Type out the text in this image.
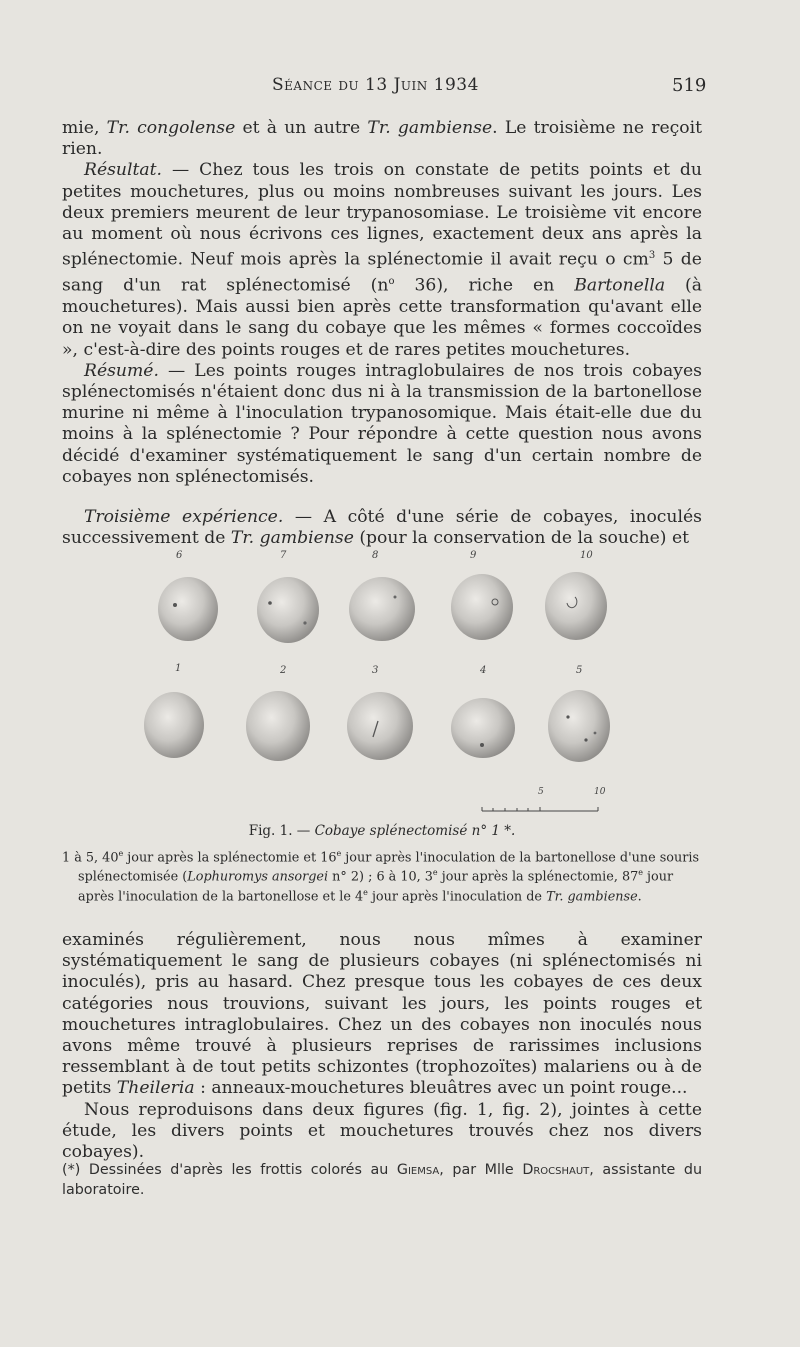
Séance du 13 Juin 1934	519

mie, Tr. congolense et à un autre Tr. gambiense. Le troisième ne reçoit rien.

Résultat. — Chez tous les trois on constate de petits points et du petites mouchetures, plus ou moins nombreuses suivant les jours. Les deux premiers meurent de leur trypanosomiase. Le troisième vit encore au moment où nous écrivons ces lignes, exactement deux ans après la splénectomie. Neuf mois après la splénectomie il avait reçu o $cm^3$ 5 de sang d'un rat splénectomisé ($n^o$ 36), riche en Bartonella (à mouchetures). Mais aussi bien après cette transformation qu'avant elle on ne voyait dans le sang du cobaye que les mêmes « formes coccoïdes », c'est-à-dire des points rouges et de rares petites mouchetures.

Résumé. — Les points rouges intraglobulaires de nos trois cobayes splénectomisés n'étaient donc dus ni à la transmission de la bartonellose murine ni même à l'inoculation trypanosomique. Mais était-elle due du moins à la splénectomie ? Pour répondre à cette question nous avons décidé d'examiner systématiquement le sang d'un certain nombre de cobayes non splénectomisés.

Troisième expérience. — A côté d'une série de cobayes, inoculés successivement de Tr. gambiense (pour la conservation de la souche) et

6	7	8	9	10
1	2	3	4	5
5	10
Fig. 1. — Cobaye splénectomisé n° 1 *.
1 à 5, 40e jour après la splénectomie et 16e jour après l'inoculation de la bartonellose d'une souris splénectomisée (Lophuromys ansorgei n° 2) ; 6 à 10, 3e jour après la splénectomie, 87e jour après l'inoculation de la bartonellose et le 4e jour après l'inoculation de Tr. gambiense.

examinés régulièrement, nous nous mîmes à examiner systématiquement le sang de plusieurs cobayes (ni splénectomisés ni inoculés), pris au hasard. Chez presque tous les cobayes de ces deux catégories nous trouvions, suivant les jours, les points rouges et mouchetures intraglobulaires. Chez un des cobayes non inoculés nous avons même trouvé à plusieurs reprises de rarissimes inclusions ressemblant à de tout petits schizontes (trophozoïtes) malariens ou à de petits Theileria : anneaux-mouchetures bleuâtres avec un point rouge...

Nous reproduisons dans deux figures (fig. 1, fig. 2), jointes à cette étude, les divers points et mouchetures trouvés chez nos divers cobayes).

(*) Dessinées d'après les frottis colorés au Giemsa, par Mlle Drocshaut, assistante du laboratoire.
